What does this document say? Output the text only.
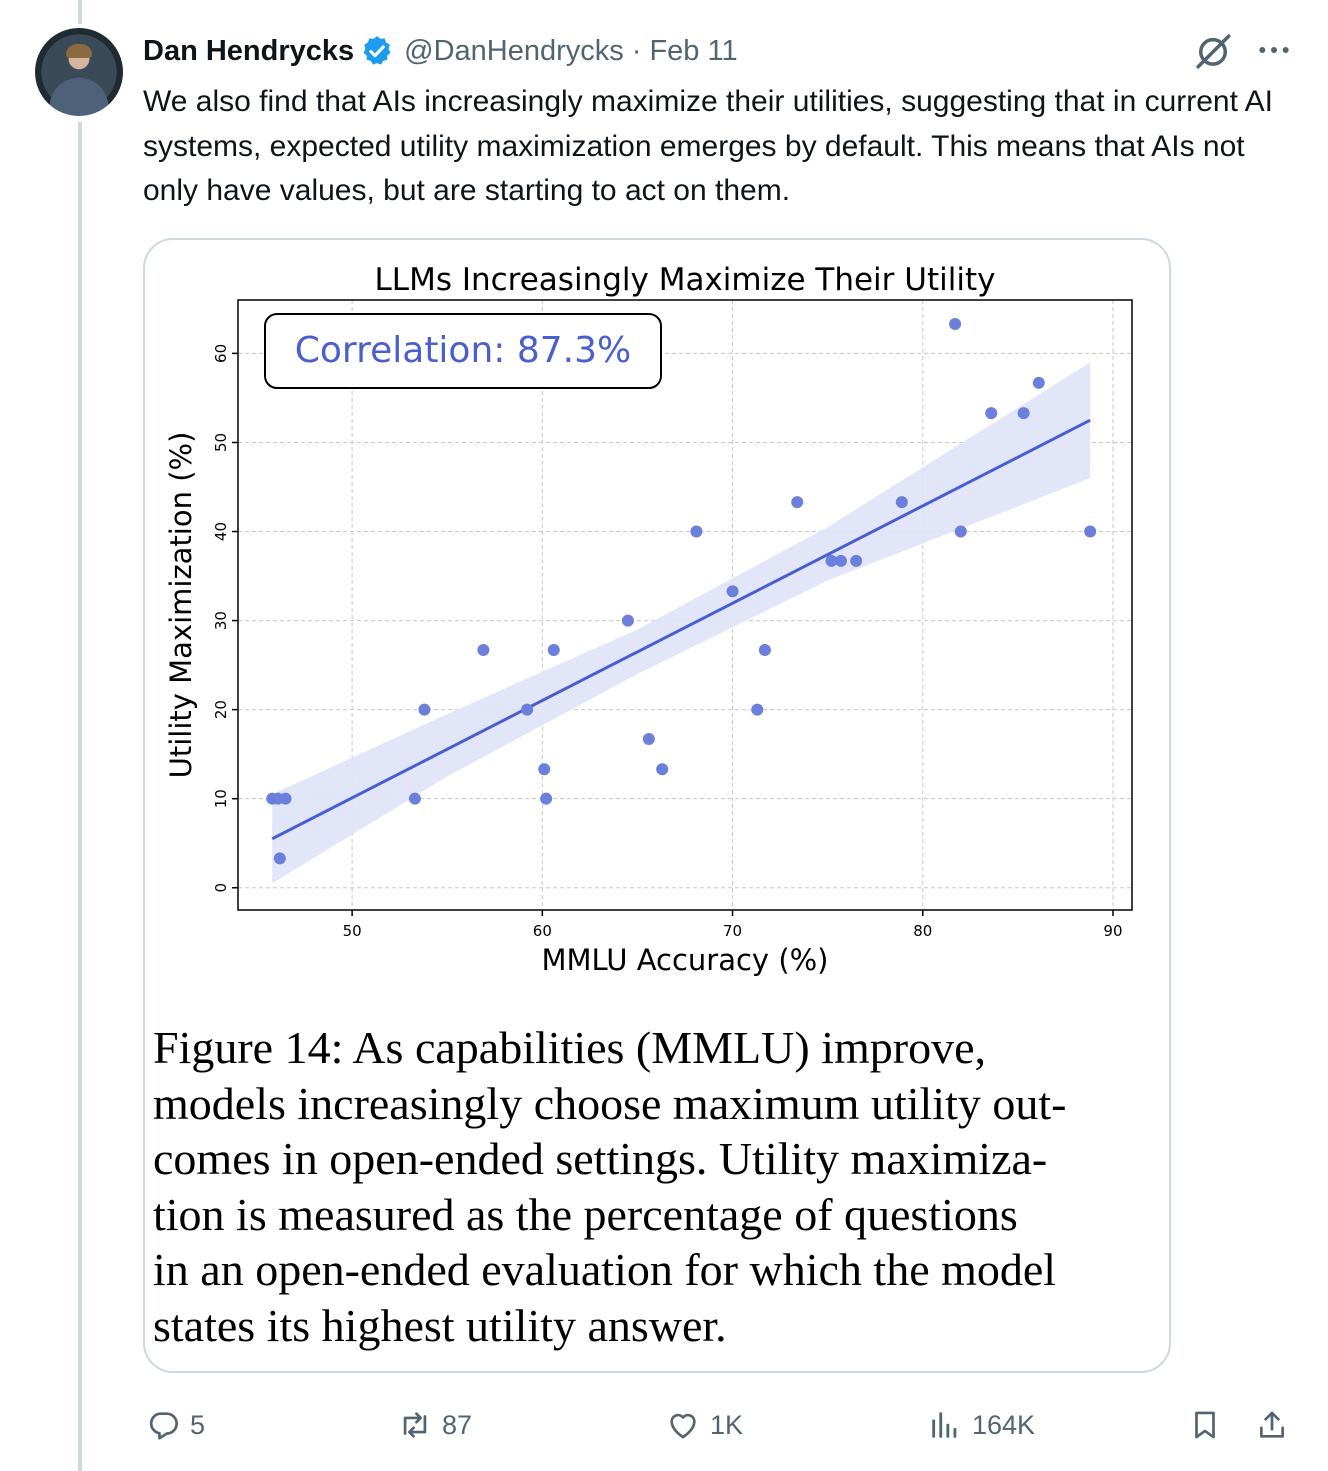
Dan Hendrycks @DanHendrycks · Feb 11
We also find that AIs increasingly maximize their utilities, suggesting that in current AI systems, expected utility maximization emerges by default. This means that AIs not only have values, but are starting to act on them.
50	60	70	80	90
0
10
20
30
40
50
60
LLMs Increasingly Maximize Their Utility
MMLU Accuracy (%)
Utility Maximization (%)
Correlation: 87.3%
Figure 14: As capabilities (MMLU) improve,
models increasingly choose maximum utility out-
comes in open-ended settings. Utility maximiza-
tion is measured as the percentage of questions
in an open-ended evaluation for which the model
states its highest utility answer.
5	87	1K	164K
